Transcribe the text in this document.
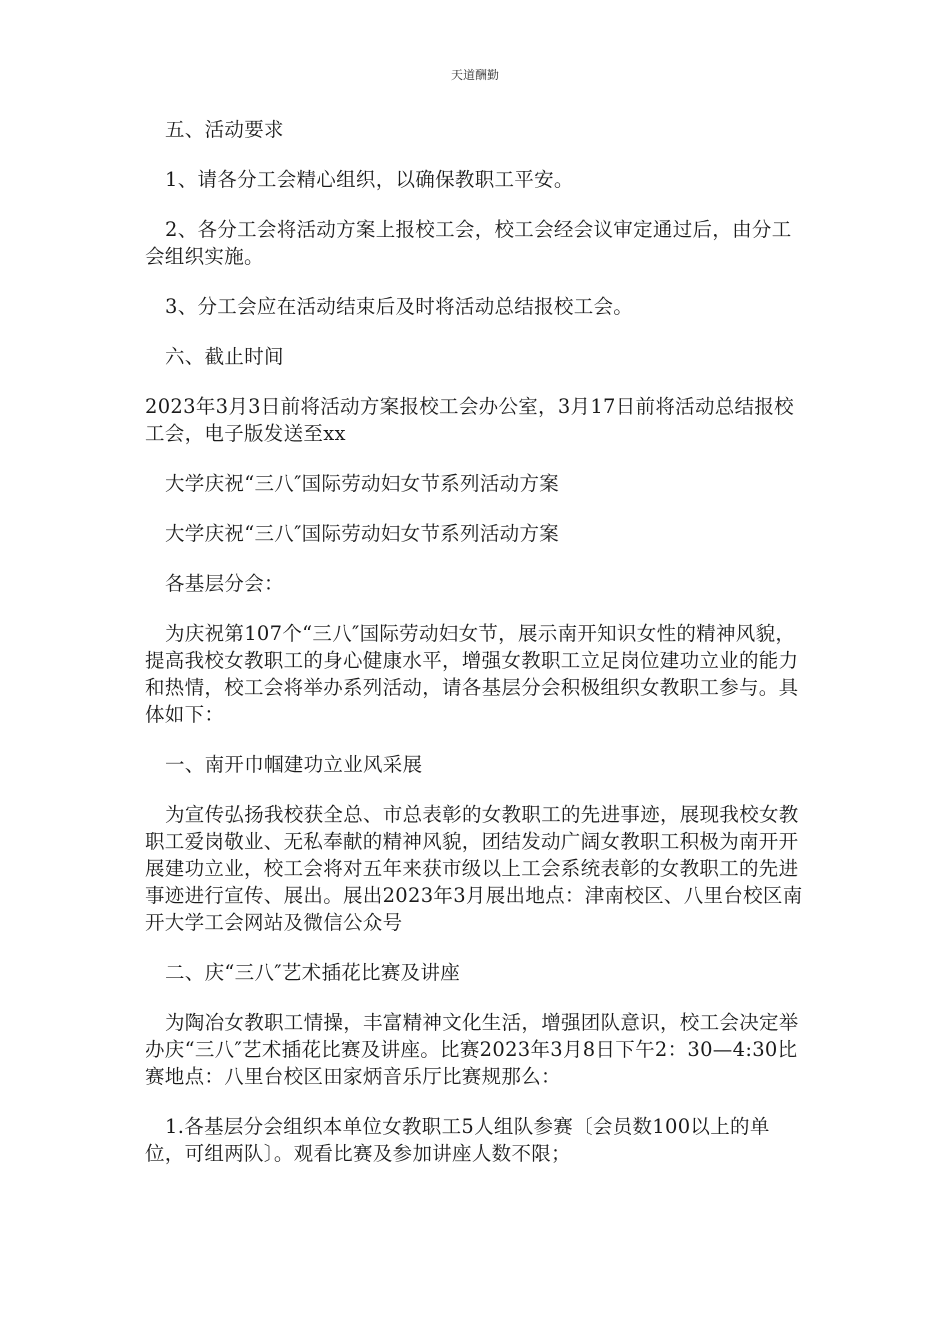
天道酬勤

五、活动要求

1、请各分工会精心组织，以确保教职工平安。

2、各分工会将活动方案上报校工会，校工会经会议审定通过后，由分工会组织实施。

3、分工会应在活动结束后及时将活动总结报校工会。

六、截止时间

2023年3月3日前将活动方案报校工会办公室，3月17日前将活动总结报校工会，电子版发送至xx

大学庆祝“三八″国际劳动妇女节系列活动方案

大学庆祝“三八″国际劳动妇女节系列活动方案

各基层分会：

为庆祝第107个“三八″国际劳动妇女节，展示南开知识女性的精神风貌，提高我校女教职工的身心健康水平，增强女教职工立足岗位建功立业的能力和热情，校工会将举办系列活动，请各基层分会积极组织女教职工参与。具体如下：

一、南开巾帼建功立业风采展

为宣传弘扬我校获全总、市总表彰的女教职工的先进事迹，展现我校女教职工爱岗敬业、无私奉献的精神风貌，团结发动广阔女教职工积极为南开开展建功立业，校工会将对五年来获市级以上工会系统表彰的女教职工的先进事迹进行宣传、展出。展出2023年3月展出地点：津南校区、八里台校区南开大学工会网站及微信公众号

二、庆“三八″艺术插花比赛及讲座

为陶冶女教职工情操，丰富精神文化生活，增强团队意识，校工会决定举办庆“三八″艺术插花比赛及讲座。比赛2023年3月8日下午2：30—4:30比赛地点：八里台校区田家炳音乐厅比赛规那么：

1.各基层分会组织本单位女教职工5人组队参赛〔会员数100以上的单位，可组两队〕。观看比赛及参加讲座人数不限；
